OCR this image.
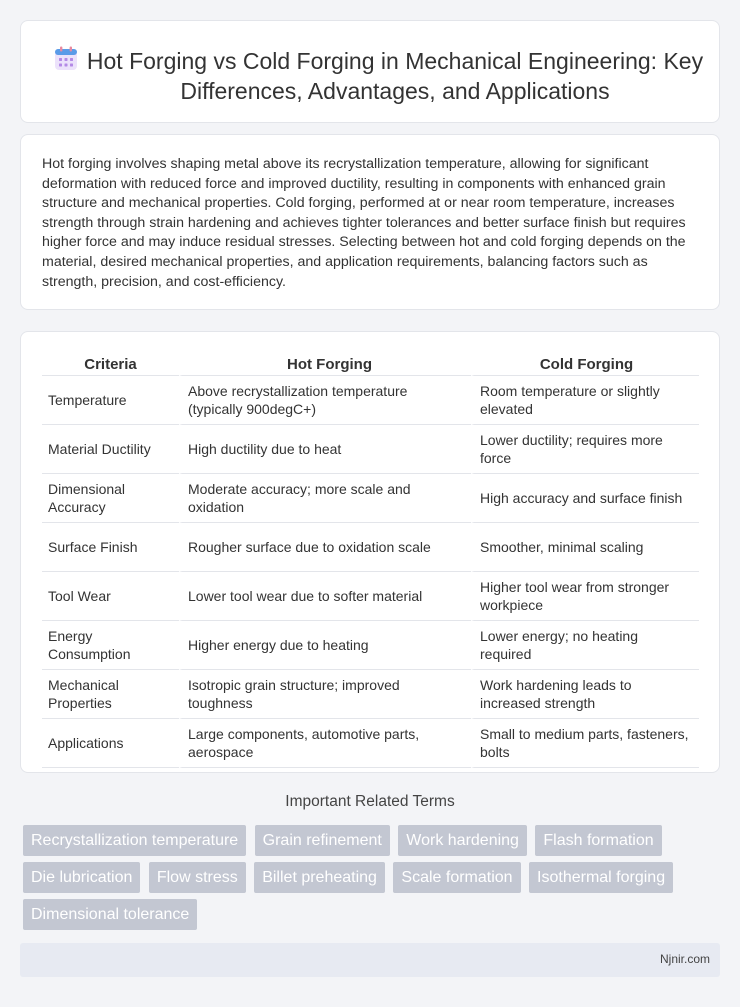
Hot Forging vs Cold Forging in Mechanical Engineering: Key Differences, Advantages, and Applications

Hot forging involves shaping metal above its recrystallization temperature, allowing for significant deformation with reduced force and improved ductility, resulting in components with enhanced grain structure and mechanical properties. Cold forging, performed at or near room temperature, increases strength through strain hardening and achieves tighter tolerances and better surface finish but requires higher force and may induce residual stresses. Selecting between hot and cold forging depends on the material, desired mechanical properties, and application requirements, balancing factors such as strength, precision, and cost-efficiency.

Criteria	Hot Forging	Cold Forging
Temperature	Above recrystallization temperature (typically 900degC+)	Room temperature or slightly elevated
Material Ductility	High ductility due to heat	Lower ductility; requires more force
Dimensional Accuracy	Moderate accuracy; more scale and oxidation	High accuracy and surface finish
Surface Finish	Rougher surface due to oxidation scale	Smoother, minimal scaling
Tool Wear	Lower tool wear due to softer material	Higher tool wear from stronger workpiece
Energy Consumption	Higher energy due to heating	Lower energy; no heating required
Mechanical Properties	Isotropic grain structure; improved toughness	Work hardening leads to increased strength
Applications	Large components, automotive parts, aerospace	Small to medium parts, fasteners, bolts
Important Related Terms
Recrystallization temperature Grain refinement Work hardening Flash formation Die lubrication Flow stress Billet preheating Scale formation Isothermal forging Dimensional tolerance
Njnir.com
